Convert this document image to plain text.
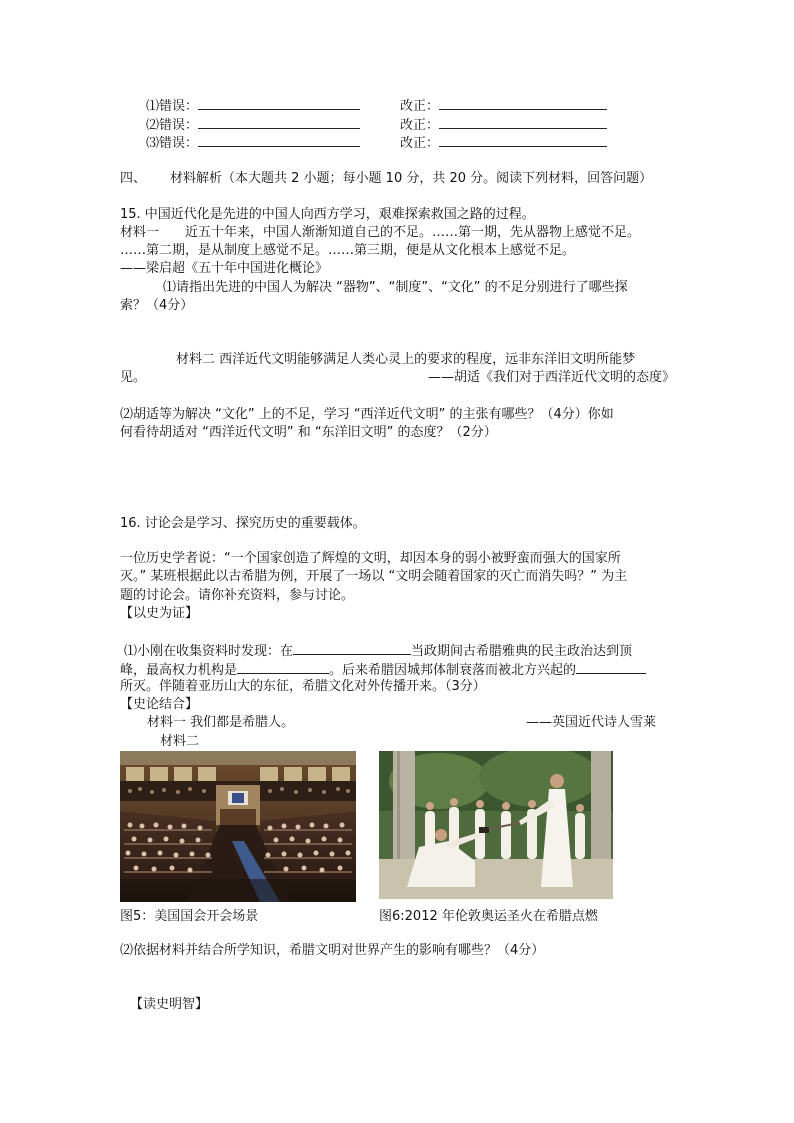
⑴错误：	改正：
⑵错误：	改正：
⑶错误：	改正：
四、 材料解析（本大题共 2 小题；每小题 10 分，共 20 分。阅读下列材料，回答问题）
15. 中国近代化是先进的中国人向西方学习，艰难探索救国之路的过程。
材料一 近五十年来，中国人渐渐知道自己的不足。……第一期，先从器物上感觉不足。
……第二期，是从制度上感觉不足。……第三期，便是从文化根本上感觉不足。
——梁启超《五十年中国进化概论》
⑴请指出先进的中国人为解决 “器物”、“制度”、“文化” 的不足分别进行了哪些探
索？（4分）
材料二 西洋近代文明能够满足人类心灵上的要求的程度，远非东洋旧文明所能梦
见。	——胡适《我们对于西洋近代文明的态度》
⑵胡适等为解决 “文化” 上的不足，学习 “西洋近代文明” 的主张有哪些？（4分）你如
何看待胡适对 “西洋近代文明” 和 “东洋旧文明” 的态度？（2分）
16. 讨论会是学习、探究历史的重要载体。
一位历史学者说：“一个国家创造了辉煌的文明，却因本身的弱小被野蛮而强大的国家所
灭。” 某班根据此以古希腊为例，开展了一场以 “文明会随着国家的灭亡而消失吗？” 为主
题的讨论会。请你补充资料，参与讨论。
【以史为证】
⑴小刚在收集资料时发现：在	当政期间古希腊雅典的民主政治达到顶
峰，最高权力机构是	。后来希腊因城邦体制衰落而被北方兴起的
所灭。伴随着亚历山大的东征，希腊文化对外传播开来。（3分）
【史论结合】
材料一 我们都是希腊人。	——英国近代诗人雪莱
材料二
图5：美国国会开会场景	图6:2012 年伦敦奥运圣火在希腊点燃
⑵依据材料并结合所学知识，希腊文明对世界产生的影响有哪些？（4分）
【读史明智】
